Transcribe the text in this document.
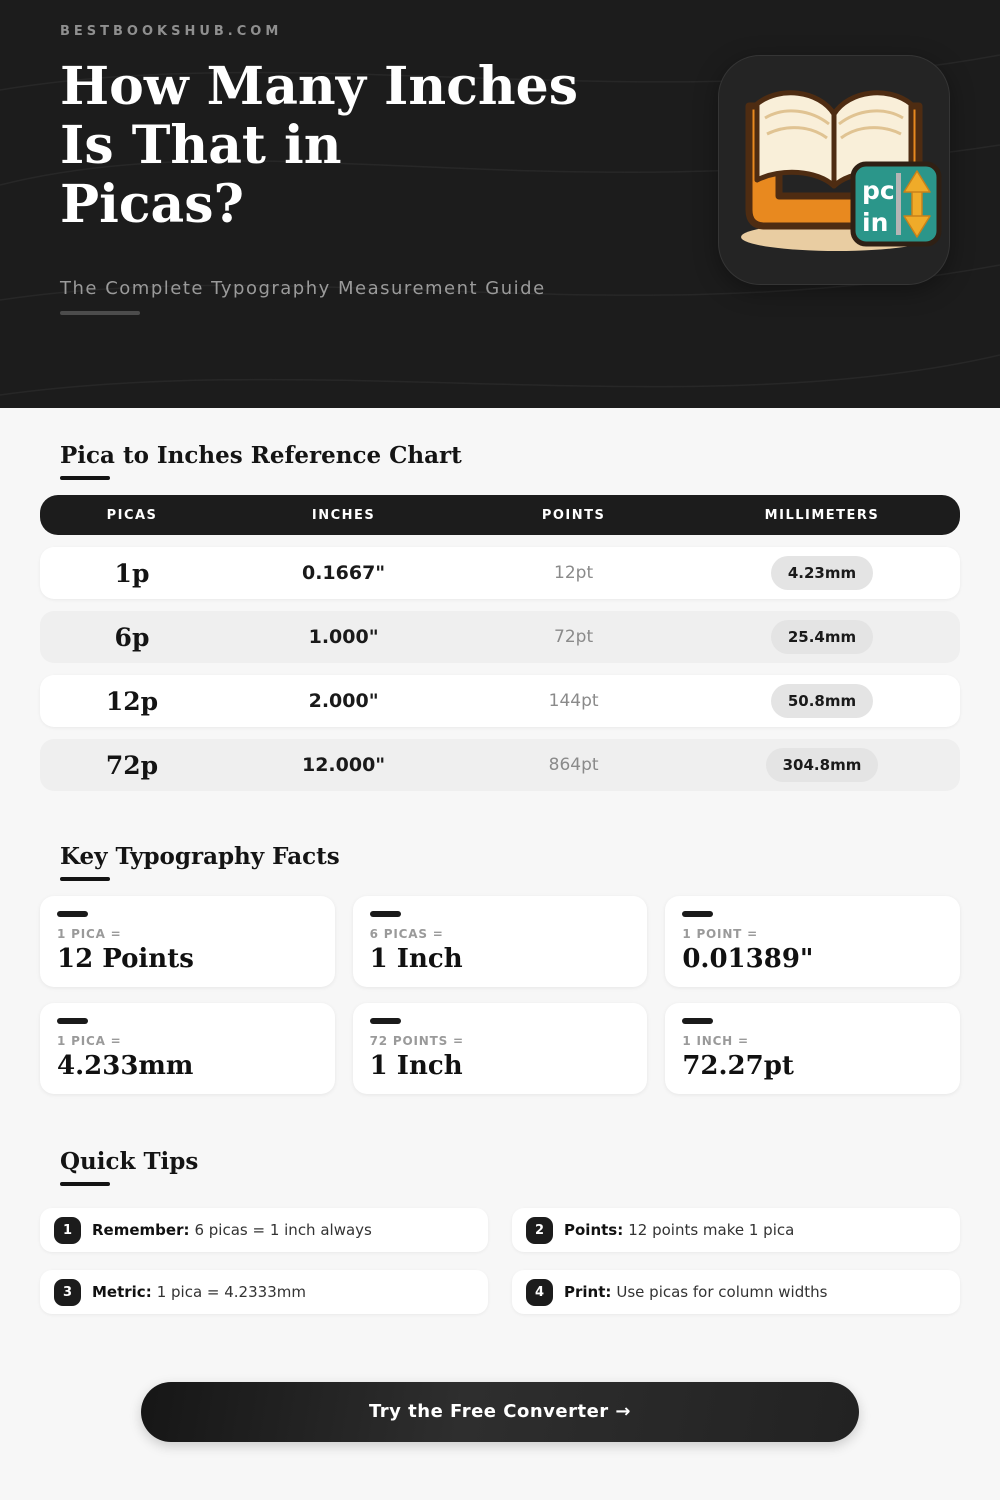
BESTBOOKSHUB.COM
How Many Inches
Is That in
Picas?
The Complete Typography Measurement Guide
pc
in
Pica to Inches Reference Chart
PICAS	INCHES	POINTS	MILLIMETERS
1p	0.1667"	12pt	4.23mm
6p	1.000"	72pt	25.4mm
12p	2.000"	144pt	50.8mm
72p	12.000"	864pt	304.8mm
Key Typography Facts
1 PICA =
12 Points
6 PICAS =
1 Inch
1 POINT =
0.01389"
1 PICA =
4.233mm
72 POINTS =
1 Inch
1 INCH =
72.27pt
Quick Tips
1	Remember: 6 picas = 1 inch always	2	Points: 12 points make 1 pica
3	Metric: 1 pica = 4.2333mm	4	Print: Use picas for column widths
Try the Free Converter →
